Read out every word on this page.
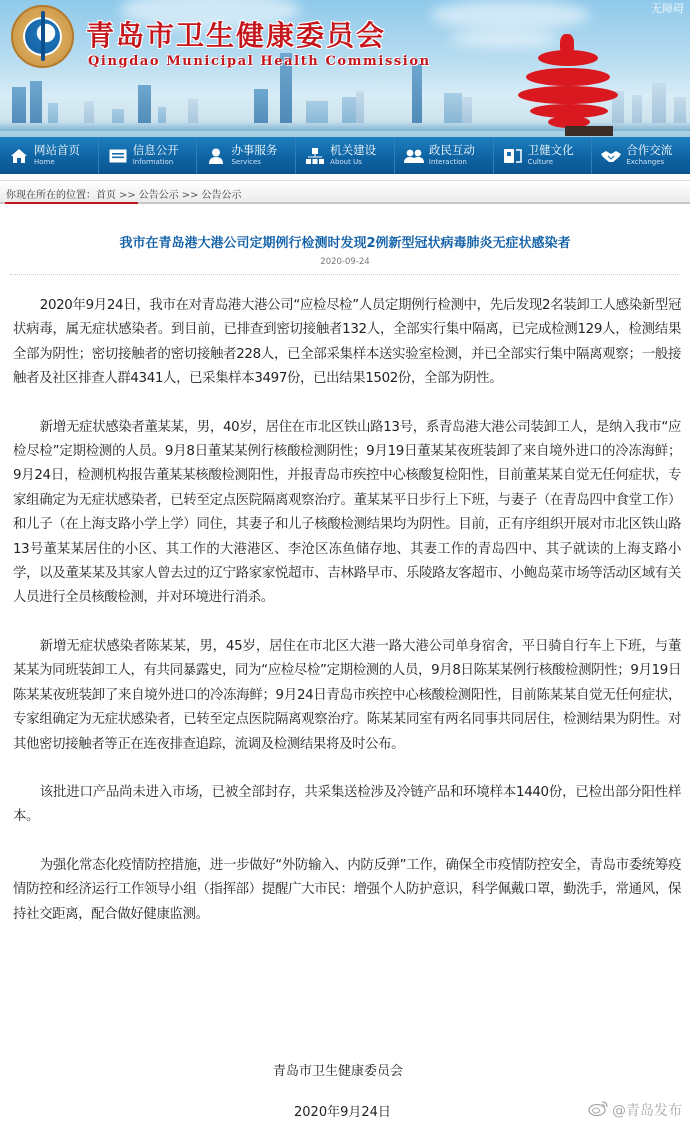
青岛市卫生健康委员会
Qingdao Municipal Health Commission
无障碍
网站首页
Home
信息公开
Information
办事服务
Services
机关建设
About Us
政民互动
Interaction
卫健文化
Culture
合作交流
Exchanges
你现在所在的位置：首页 >> 公告公示 >> 公告公示
我市在青岛港大港公司定期例行检测时发现2例新型冠状病毒肺炎无症状感染者
2020-09-24

2020年9月24日，我市在对青岛港大港公司“应检尽检”人员定期例行检测中，先后发现2名装卸工人感染新型冠状病毒，属无症状感染者。到目前，已排查到密切接触者132人，全部实行集中隔离，已完成检测129人，检测结果全部为阴性；密切接触者的密切接触者228人，已全部采集样本送实验室检测，并已全部实行集中隔离观察；一般接触者及社区排查人群4341人，已采集样本3497份，已出结果1502份，全部为阴性。

新增无症状感染者董某某，男，40岁，居住在市北区铁山路13号，系青岛港大港公司装卸工人，是纳入我市“应检尽检”定期检测的人员。9月8日董某某例行核酸检测阴性；9月19日董某某夜班装卸了来自境外进口的冷冻海鲜；9月24日，检测机构报告董某某核酸检测阳性，并报青岛市疾控中心核酸复检阳性，目前董某某自觉无任何症状，专家组确定为无症状感染者，已转至定点医院隔离观察治疗。董某某平日步行上下班，与妻子（在青岛四中食堂工作）和儿子（在上海支路小学上学）同住，其妻子和儿子核酸检测结果均为阴性。目前，正有序组织开展对市北区铁山路13号董某某居住的小区、其工作的大港港区、李沧区冻鱼储存地、其妻工作的青岛四中、其子就读的上海支路小学，以及董某某及其家人曾去过的辽宁路家家悦超市、吉林路早市、乐陵路友客超市、小鲍岛菜市场等活动区域有关人员进行全员核酸检测，并对环境进行消杀。

新增无症状感染者陈某某，男，45岁，居住在市北区大港一路大港公司单身宿舍，平日骑自行车上下班，与董某某为同班装卸工人，有共同暴露史，同为“应检尽检”定期检测的人员，9月8日陈某某例行核酸检测阴性；9月19日陈某某夜班装卸了来自境外进口的冷冻海鲜；9月24日青岛市疾控中心核酸检测阳性，目前陈某某自觉无任何症状，专家组确定为无症状感染者，已转至定点医院隔离观察治疗。陈某某同室有两名同事共同居住，检测结果为阴性。对其他密切接触者等正在连夜排查追踪，流调及检测结果将及时公布。

该批进口产品尚未进入市场，已被全部封存，共采集送检涉及冷链产品和环境样本1440份，已检出部分阳性样本。

为强化常态化疫情防控措施，进一步做好“外防输入、内防反弹”工作，确保全市疫情防控安全，青岛市委统筹疫情防控和经济运行工作领导小组（指挥部）提醒广大市民：增强个人防护意识，科学佩戴口罩，勤洗手，常通风，保持社交距离，配合做好健康监测。

青岛市卫生健康委员会
2020年9月24日	@青岛发布
